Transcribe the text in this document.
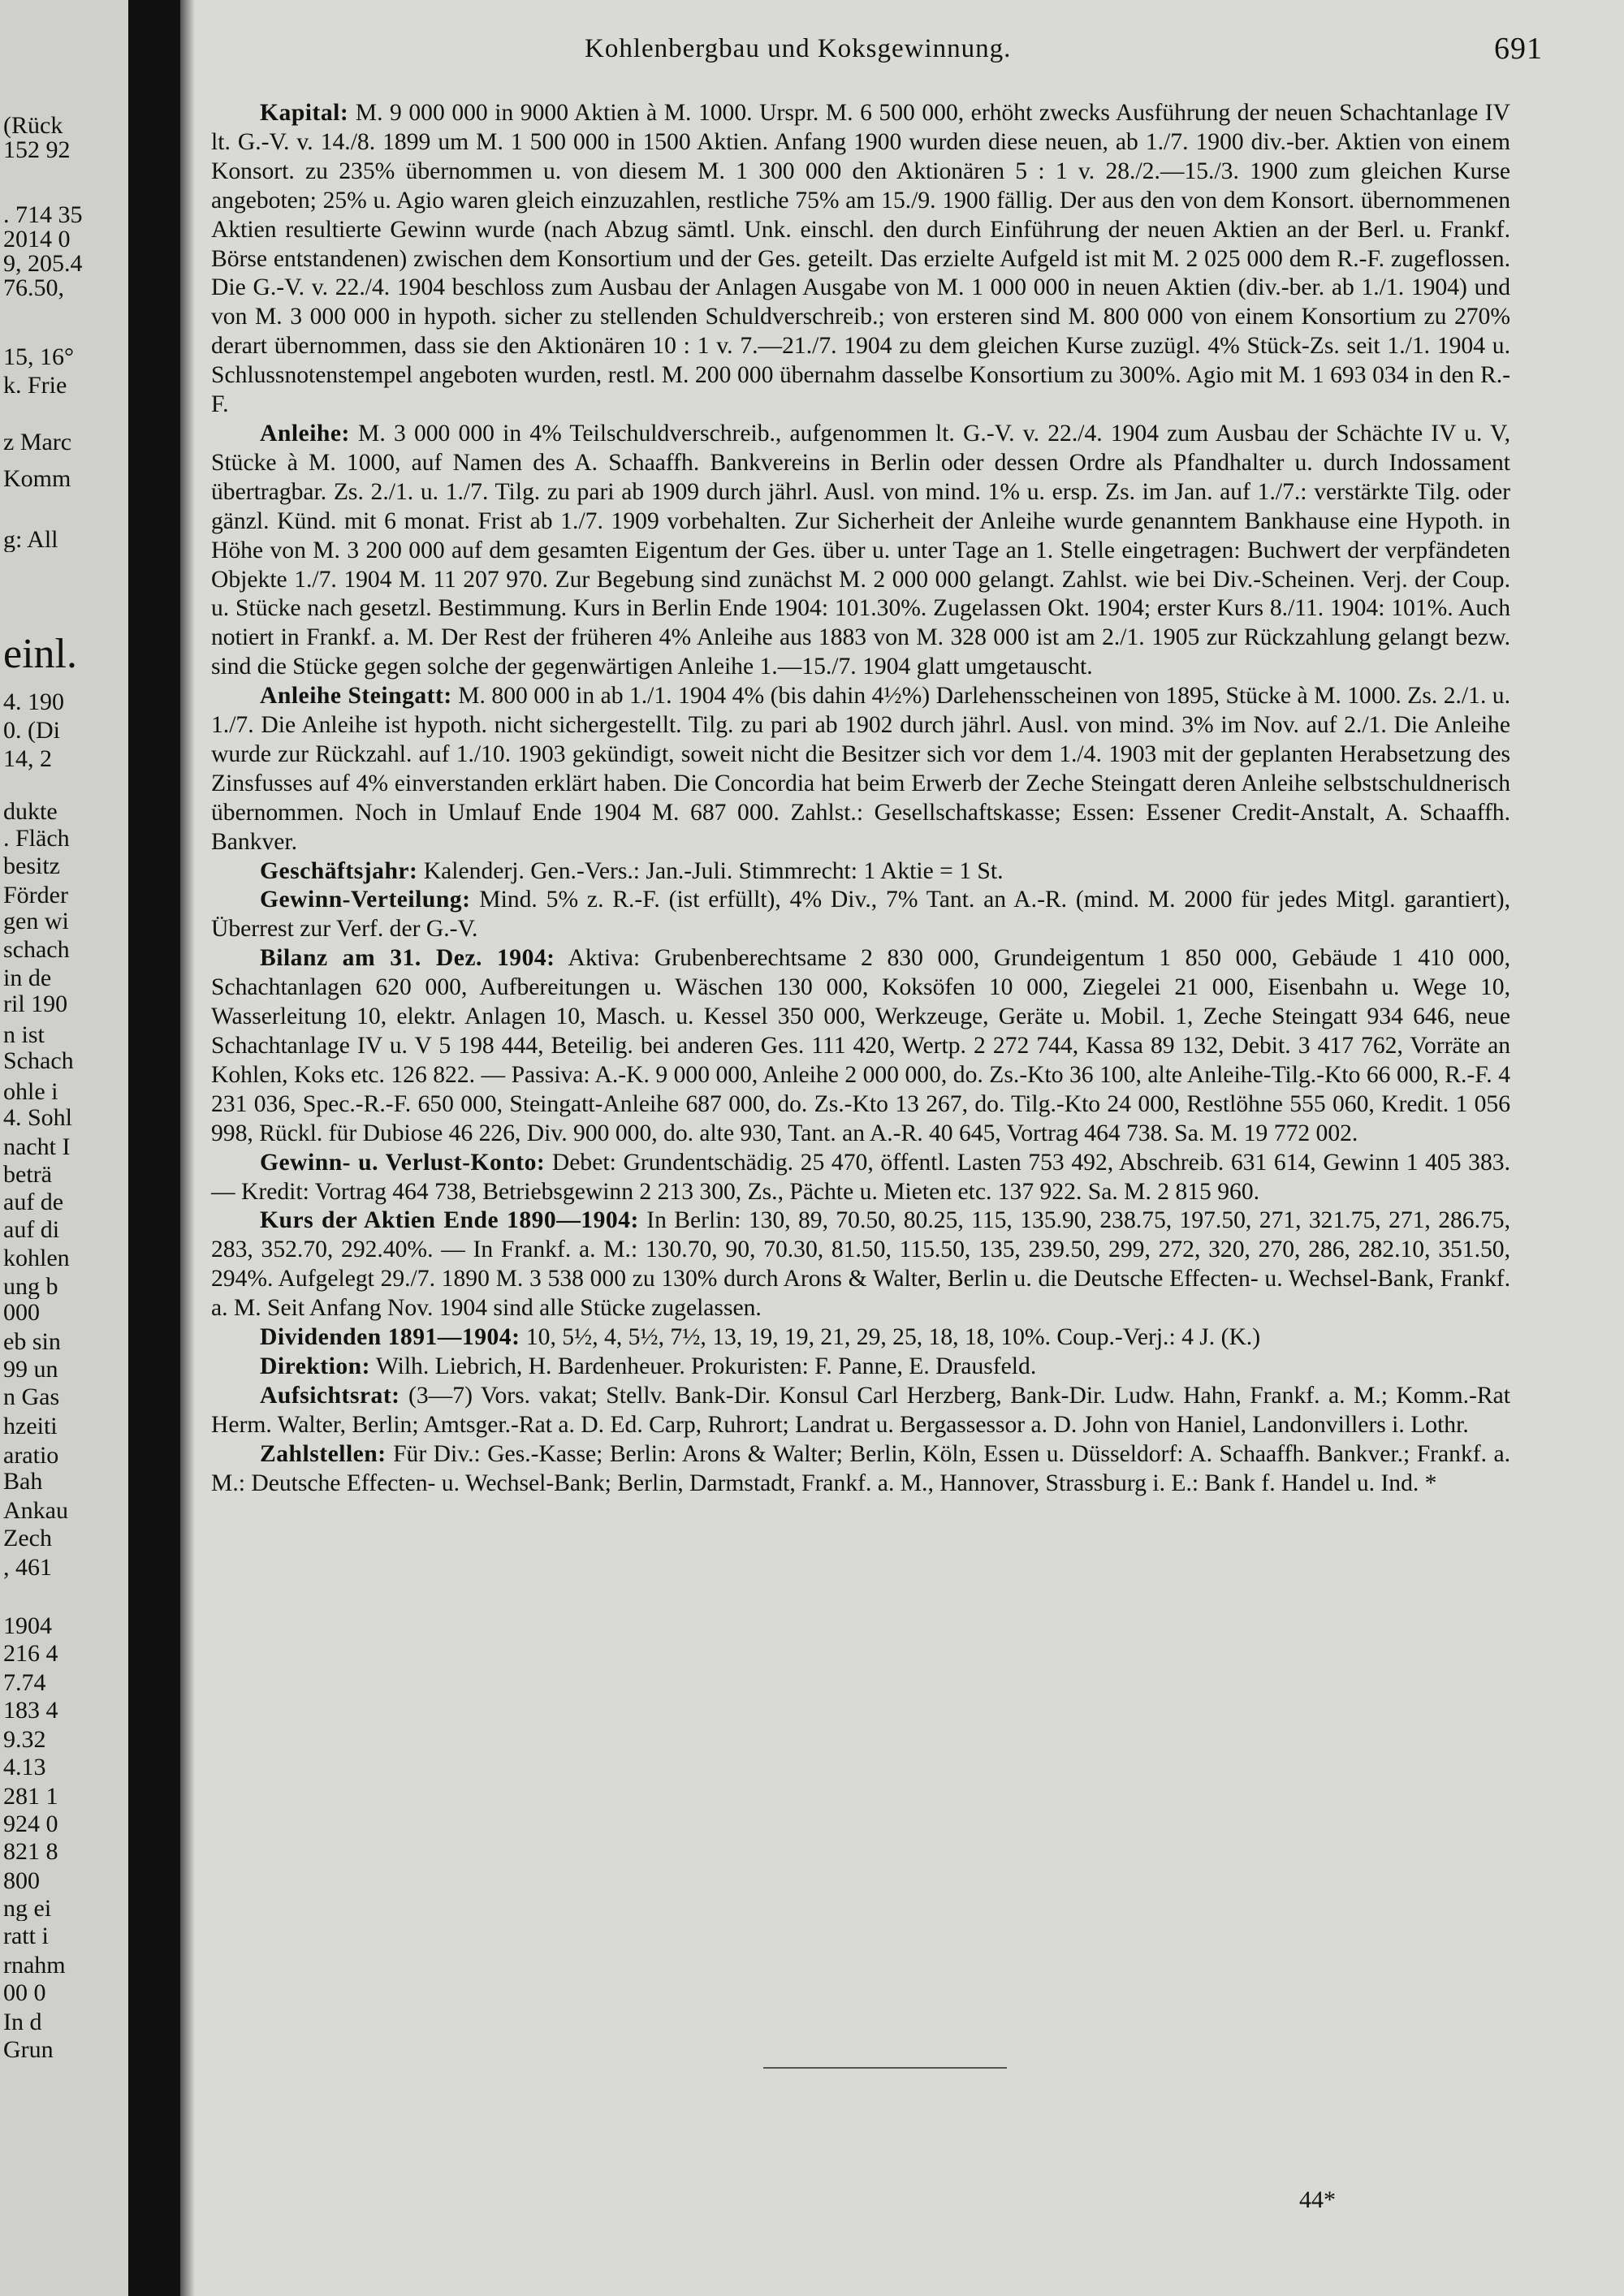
(Rück
152 92
. 714 35
2014 0
9, 205.4
76.50,
15, 16°
k. Frie
z Marc
Komm
g: All
einl.
4. 190
0. (Di
14, 2
dukte
. Fläch
besitz
Förder
gen wi
schach
in de
ril 190
n ist
Schach
ohle i
4. Sohl
nacht I
beträ
auf de
auf di
kohlen
ung b
000
eb sin
99 un
n Gas
hzeiti
aratio
Bah
Ankau
Zech
, 461
1904
216 4
7.74
183 4
9.32
4.13
281 1
924 0
821 8
800
ng ei
ratt i
rnahm
00 0
In d
Grun
Kohlenbergbau und Koksgewinnung.	691

Kapital: M. 9 000 000 in 9000 Aktien à M. 1000. Urspr. M. 6 500 000, erhöht zwecks Ausführung der neuen Schachtanlage IV lt. G.-V. v. 14./8. 1899 um M. 1 500 000 in 1500 Aktien. Anfang 1900 wurden diese neuen, ab 1./7. 1900 div.-ber. Aktien von einem Konsort. zu 235% übernommen u. von diesem M. 1 300 000 den Aktionären 5 : 1 v. 28./2.—15./3. 1900 zum gleichen Kurse angeboten; 25% u. Agio waren gleich einzuzahlen, restliche 75% am 15./9. 1900 fällig. Der aus den von dem Konsort. übernommenen Aktien resultierte Gewinn wurde (nach Abzug sämtl. Unk. einschl. den durch Einführung der neuen Aktien an der Berl. u. Frankf. Börse entstandenen) zwischen dem Konsortium und der Ges. geteilt. Das erzielte Aufgeld ist mit M. 2 025 000 dem R.-F. zugeflossen. Die G.-V. v. 22./4. 1904 beschloss zum Ausbau der Anlagen Ausgabe von M. 1 000 000 in neuen Aktien (div.-ber. ab 1./1. 1904) und von M. 3 000 000 in hypoth. sicher zu stellenden Schuldverschreib.; von ersteren sind M. 800 000 von einem Konsortium zu 270% derart übernommen, dass sie den Aktionären 10 : 1 v. 7.—21./7. 1904 zu dem gleichen Kurse zuzügl. 4% Stück-Zs. seit 1./1. 1904 u. Schlussnotenstempel angeboten wurden, restl. M. 200 000 übernahm dasselbe Konsortium zu 300%. Agio mit M. 1 693 034 in den R.-F.

Anleihe: M. 3 000 000 in 4% Teilschuldverschreib., aufgenommen lt. G.-V. v. 22./4. 1904 zum Ausbau der Schächte IV u. V, Stücke à M. 1000, auf Namen des A. Schaaffh. Bankvereins in Berlin oder dessen Ordre als Pfandhalter u. durch Indossament übertragbar. Zs. 2./1. u. 1./7. Tilg. zu pari ab 1909 durch jährl. Ausl. von mind. 1% u. ersp. Zs. im Jan. auf 1./7.: verstärkte Tilg. oder gänzl. Künd. mit 6 monat. Frist ab 1./7. 1909 vorbehalten. Zur Sicherheit der Anleihe wurde genanntem Bankhause eine Hypoth. in Höhe von M. 3 200 000 auf dem gesamten Eigentum der Ges. über u. unter Tage an 1. Stelle eingetragen: Buchwert der verpfändeten Objekte 1./7. 1904 M. 11 207 970. Zur Begebung sind zunächst M. 2 000 000 gelangt. Zahlst. wie bei Div.-Scheinen. Verj. der Coup. u. Stücke nach gesetzl. Bestimmung. Kurs in Berlin Ende 1904: 101.30%. Zugelassen Okt. 1904; erster Kurs 8./11. 1904: 101%. Auch notiert in Frankf. a. M. Der Rest der früheren 4% Anleihe aus 1883 von M. 328 000 ist am 2./1. 1905 zur Rückzahlung gelangt bezw. sind die Stücke gegen solche der gegenwärtigen Anleihe 1.—15./7. 1904 glatt umgetauscht.

Anleihe Steingatt: M. 800 000 in ab 1./1. 1904 4% (bis dahin 4½%) Darlehensscheinen von 1895, Stücke à M. 1000. Zs. 2./1. u. 1./7. Die Anleihe ist hypoth. nicht sichergestellt. Tilg. zu pari ab 1902 durch jährl. Ausl. von mind. 3% im Nov. auf 2./1. Die Anleihe wurde zur Rückzahl. auf 1./10. 1903 gekündigt, soweit nicht die Besitzer sich vor dem 1./4. 1903 mit der geplanten Herabsetzung des Zinsfusses auf 4% einverstanden erklärt haben. Die Concordia hat beim Erwerb der Zeche Steingatt deren Anleihe selbstschuldnerisch übernommen. Noch in Umlauf Ende 1904 M. 687 000. Zahlst.: Gesellschaftskasse; Essen: Essener Credit-Anstalt, A. Schaaffh. Bankver.

Geschäftsjahr: Kalenderj. Gen.-Vers.: Jan.-Juli. Stimmrecht: 1 Aktie = 1 St.

Gewinn-Verteilung: Mind. 5% z. R.-F. (ist erfüllt), 4% Div., 7% Tant. an A.-R. (mind. M. 2000 für jedes Mitgl. garantiert), Überrest zur Verf. der G.-V.

Bilanz am 31. Dez. 1904: Aktiva: Grubenberechtsame 2 830 000, Grundeigentum 1 850 000, Gebäude 1 410 000, Schachtanlagen 620 000, Aufbereitungen u. Wäschen 130 000, Koksöfen 10 000, Ziegelei 21 000, Eisenbahn u. Wege 10, Wasserleitung 10, elektr. Anlagen 10, Masch. u. Kessel 350 000, Werkzeuge, Geräte u. Mobil. 1, Zeche Steingatt 934 646, neue Schachtanlage IV u. V 5 198 444, Beteilig. bei anderen Ges. 111 420, Wertp. 2 272 744, Kassa 89 132, Debit. 3 417 762, Vorräte an Kohlen, Koks etc. 126 822. — Passiva: A.-K. 9 000 000, Anleihe 2 000 000, do. Zs.-Kto 36 100, alte Anleihe-Tilg.-Kto 66 000, R.-F. 4 231 036, Spec.-R.-F. 650 000, Steingatt-Anleihe 687 000, do. Zs.-Kto 13 267, do. Tilg.-Kto 24 000, Restlöhne 555 060, Kredit. 1 056 998, Rückl. für Dubiose 46 226, Div. 900 000, do. alte 930, Tant. an A.-R. 40 645, Vortrag 464 738. Sa. M. 19 772 002.

Gewinn- u. Verlust-Konto: Debet: Grundentschädig. 25 470, öffentl. Lasten 753 492, Abschreib. 631 614, Gewinn 1 405 383. — Kredit: Vortrag 464 738, Betriebsgewinn 2 213 300, Zs., Pächte u. Mieten etc. 137 922. Sa. M. 2 815 960.

Kurs der Aktien Ende 1890—1904: In Berlin: 130, 89, 70.50, 80.25, 115, 135.90, 238.75, 197.50, 271, 321.75, 271, 286.75, 283, 352.70, 292.40%. — In Frankf. a. M.: 130.70, 90, 70.30, 81.50, 115.50, 135, 239.50, 299, 272, 320, 270, 286, 282.10, 351.50, 294%. Aufgelegt 29./7. 1890 M. 3 538 000 zu 130% durch Arons & Walter, Berlin u. die Deutsche Effecten- u. Wechsel-Bank, Frankf. a. M. Seit Anfang Nov. 1904 sind alle Stücke zugelassen.

Dividenden 1891—1904: 10, 5½, 4, 5½, 7½, 13, 19, 19, 21, 29, 25, 18, 18, 10%. Coup.-Verj.: 4 J. (K.)

Direktion: Wilh. Liebrich, H. Bardenheuer. Prokuristen: F. Panne, E. Drausfeld.

Aufsichtsrat: (3—7) Vors. vakat; Stellv. Bank-Dir. Konsul Carl Herzberg, Bank-Dir. Ludw. Hahn, Frankf. a. M.; Komm.-Rat Herm. Walter, Berlin; Amtsger.-Rat a. D. Ed. Carp, Ruhrort; Landrat u. Bergassessor a. D. John von Haniel, Landonvillers i. Lothr.

Zahlstellen: Für Div.: Ges.-Kasse; Berlin: Arons & Walter; Berlin, Köln, Essen u. Düsseldorf: A. Schaaffh. Bankver.; Frankf. a. M.: Deutsche Effecten- u. Wechsel-Bank; Berlin, Darmstadt, Frankf. a. M., Hannover, Strassburg i. E.: Bank f. Handel u. Ind. *

44*
